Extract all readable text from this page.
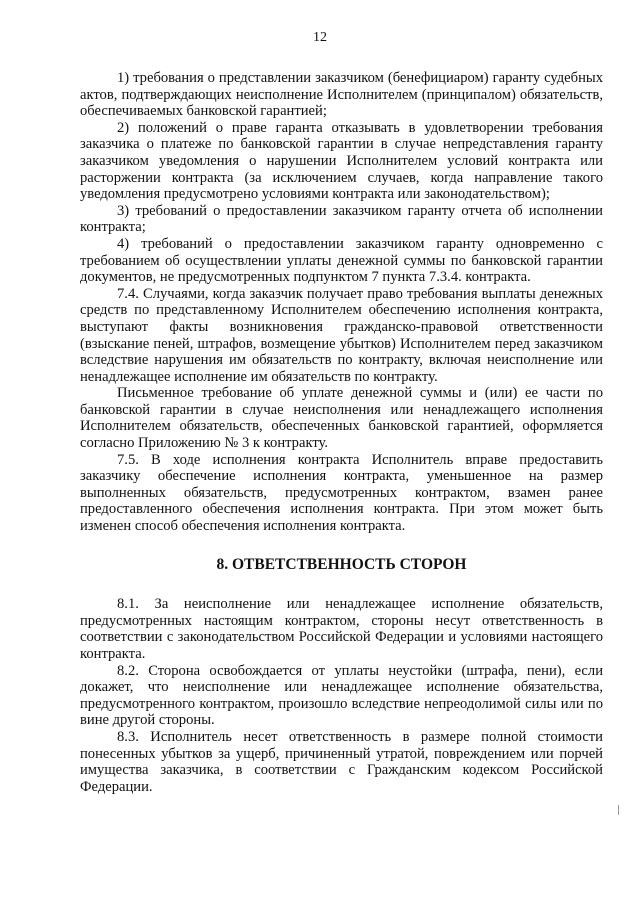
12

1) требования о представлении заказчиком (бенефициаром) гаранту судебных актов, подтверждающих неисполнение Исполнителем (принципалом) обязательств, обеспечиваемых банковской гарантией;

2) положений о праве гаранта отказывать в удовлетворении требования заказчика о платеже по банковской гарантии в случае непредставления гаранту заказчиком уведомления о нарушении Исполнителем условий контракта или расторжении контракта (за исключением случаев, когда направление такого уведомления предусмотрено условиями контракта или законодательством);

3) требований о предоставлении заказчиком гаранту отчета об исполнении контракта;

4) требований о предоставлении заказчиком гаранту одновременно с требованием об осуществлении уплаты денежной суммы по банковской гарантии документов, не предусмотренных подпунктом 7 пункта 7.3.4. контракта.

7.4. Случаями, когда заказчик получает право требования выплаты денежных средств по представленному Исполнителем обеспечению исполнения контракта, выступают факты возникновения гражданско-правовой ответственности (взыскание пеней, штрафов, возмещение убытков) Исполнителем перед заказчиком вследствие нарушения им обязательств по контракту, включая неисполнение или ненадлежащее исполнение им обязательств по контракту.

Письменное требование об уплате денежной суммы и (или) ее части по банковской гарантии в случае неисполнения или ненадлежащего исполнения Исполнителем обязательств, обеспеченных банковской гарантией, оформляется согласно Приложению № 3 к контракту.

7.5. В ходе исполнения контракта Исполнитель вправе предоставить заказчику обеспечение исполнения контракта, уменьшенное на размер выполненных обязательств, предусмотренных контрактом, взамен ранее предоставленного обеспечения исполнения контракта. При этом может быть изменен способ обеспечения исполнения контракта.

8. ОТВЕТСТВЕННОСТЬ СТОРОН

8.1. За неисполнение или ненадлежащее исполнение обязательств, предусмотренных настоящим контрактом, стороны несут ответственность в соответствии с законодательством Российской Федерации и условиями настоящего контракта.

8.2. Сторона освобождается от уплаты неустойки (штрафа, пени), если докажет, что неисполнение или ненадлежащее исполнение обязательства, предусмотренного контрактом, произошло вследствие непреодолимой силы или по вине другой стороны.

8.3. Исполнитель несет ответственность в размере полной стоимости понесенных убытков за ущерб, причиненный утратой, повреждением или порчей имущества заказчика, в соответствии с Гражданским кодексом Российской Федерации.
